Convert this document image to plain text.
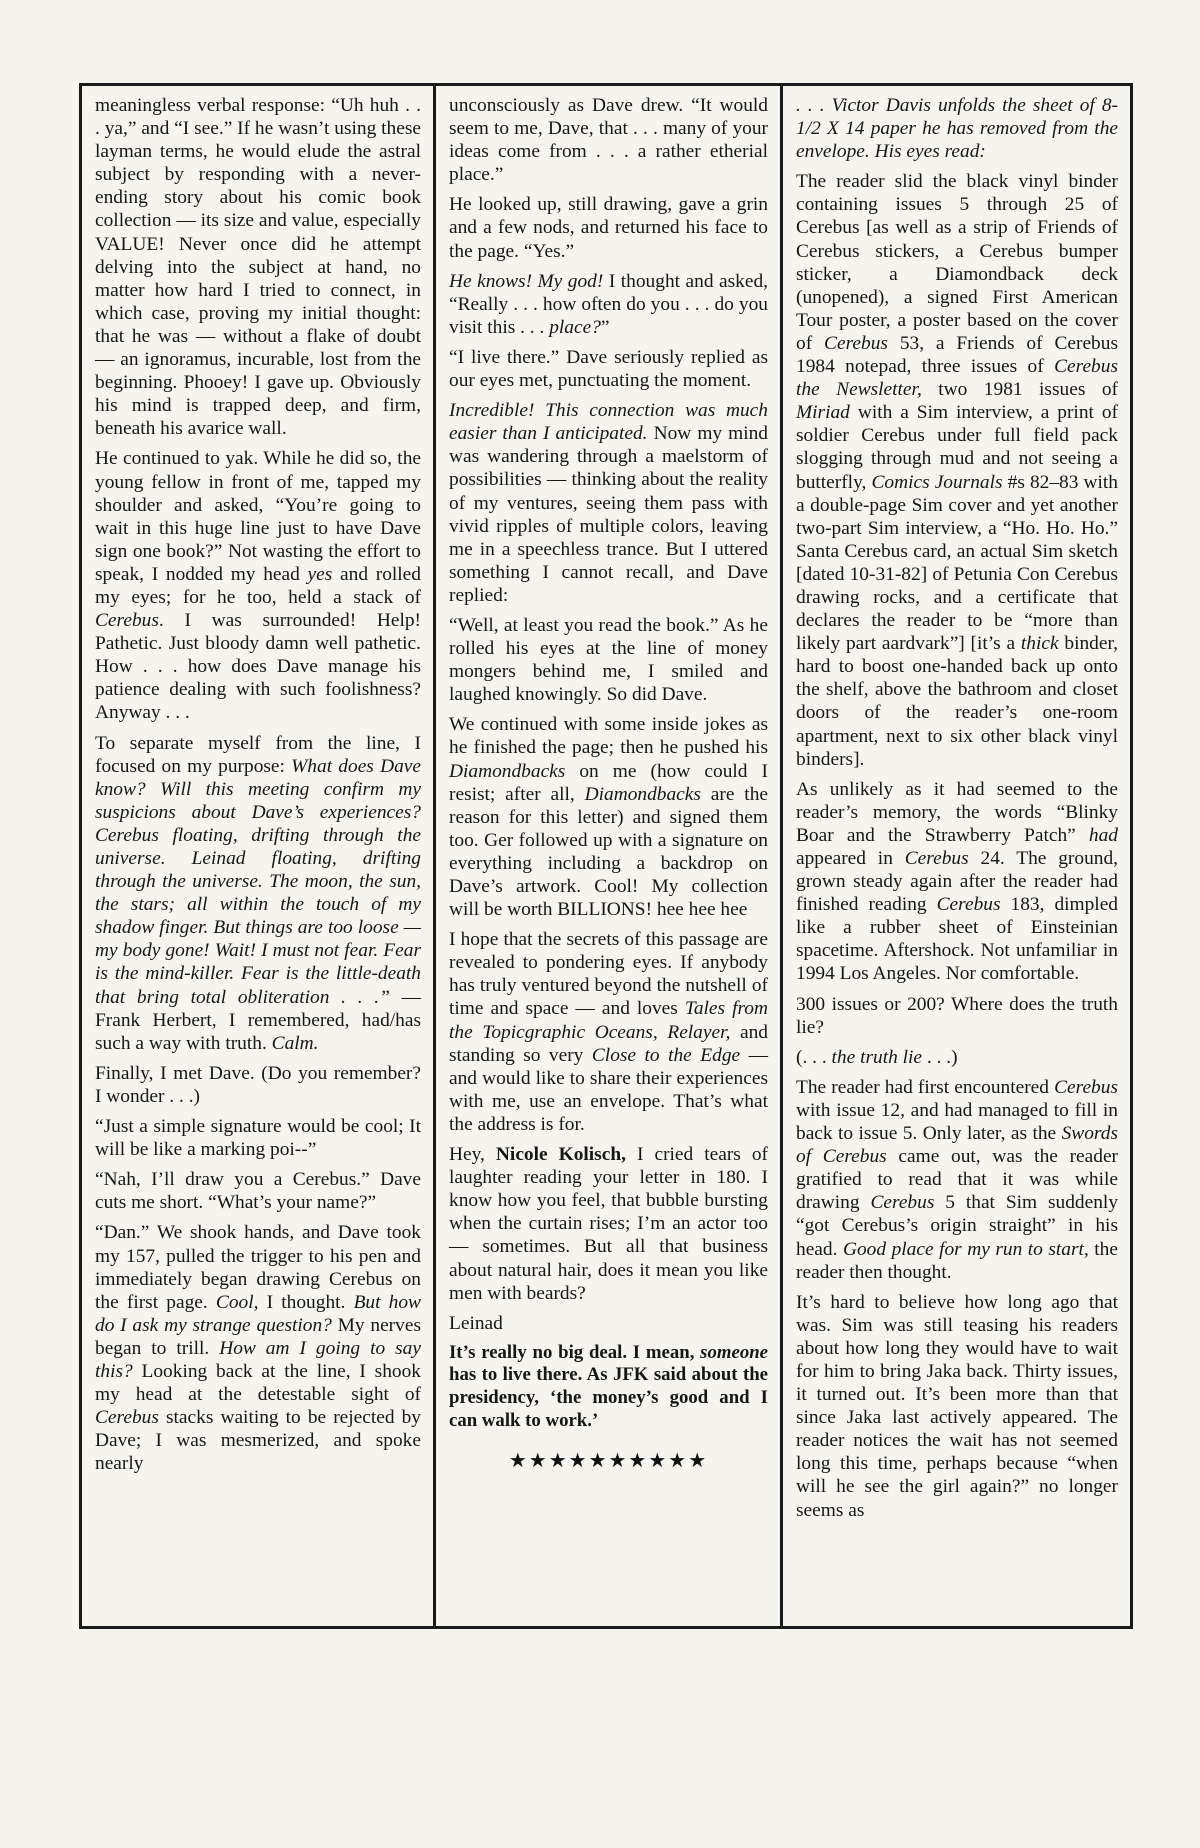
meaningless verbal response: “Uh huh . . . ya,” and “I see.” If he wasn’t using these layman terms, he would elude the astral subject by responding with a never-ending story about his comic book collection — its size and value, especially VALUE! Never once did he attempt delving into the subject at hand, no matter how hard I tried to connect, in which case, proving my initial thought: that he was — without a flake of doubt — an ignoramus, incurable, lost from the beginning. Phooey! I gave up. Obviously his mind is trapped deep, and firm, beneath his avarice wall.

He continued to yak. While he did so, the young fellow in front of me, tapped my shoulder and asked, “You’re going to wait in this huge line just to have Dave sign one book?” Not wasting the effort to speak, I nodded my head yes and rolled my eyes; for he too, held a stack of Cerebus. I was surrounded! Help! Pathetic. Just bloody damn well pathetic. How . . . how does Dave manage his patience dealing with such foolishness? Anyway . . .

To separate myself from the line, I focused on my purpose: What does Dave know? Will this meeting confirm my suspicions about Dave’s experiences? Cerebus floating, drifting through the universe. Leinad floating, drifting through the universe. The moon, the sun, the stars; all within the touch of my shadow finger. But things are too loose — my body gone! Wait! I must not fear. Fear is the mind-killer. Fear is the little-death that bring total obliteration . . .” — Frank Herbert, I remembered, had/has such a way with truth. Calm.

Finally, I met Dave. (Do you remember? I wonder . . .)

“Just a simple signature would be cool; It will be like a marking poi--”

“Nah, I’ll draw you a Cerebus.” Dave cuts me short. “What’s your name?”

“Dan.” We shook hands, and Dave took my 157, pulled the trigger to his pen and immediately began drawing Cerebus on the first page. Cool, I thought. But how do I ask my strange question? My nerves began to trill. How am I going to say this? Looking back at the line, I shook my head at the detestable sight of Cerebus stacks waiting to be rejected by Dave; I was mesmerized, and spoke nearly

unconsciously as Dave drew. “It would seem to me, Dave, that . . . many of your ideas come from . . . a rather etherial place.”

He looked up, still drawing, gave a grin and a few nods, and returned his face to the page. “Yes.”

He knows! My god! I thought and asked, “Really . . . how often do you . . . do you visit this . . . place?”

“I live there.” Dave seriously replied as our eyes met, punctuating the moment.

Incredible! This connection was much easier than I anticipated. Now my mind was wandering through a maelstorm of possibilities — thinking about the reality of my ventures, seeing them pass with vivid ripples of multiple colors, leaving me in a speechless trance. But I uttered something I cannot recall, and Dave replied:

“Well, at least you read the book.” As he rolled his eyes at the line of money mongers behind me, I smiled and laughed knowingly. So did Dave.

We continued with some inside jokes as he finished the page; then he pushed his Diamondbacks on me (how could I resist; after all, Diamondbacks are the reason for this letter) and signed them too. Ger followed up with a signature on everything including a backdrop on Dave’s artwork. Cool! My collection will be worth BILLIONS! hee hee hee

I hope that the secrets of this passage are revealed to pondering eyes. If anybody has truly ventured beyond the nutshell of time and space — and loves Tales from the Topicgraphic Oceans, Relayer, and standing so very Close to the Edge — and would like to share their experiences with me, use an envelope. That’s what the address is for.

Hey, Nicole Kolisch, I cried tears of laughter reading your letter in 180. I know how you feel, that bubble bursting when the curtain rises; I’m an actor too — sometimes. But all that business about natural hair, does it mean you like men with beards?

Leinad

It’s really no big deal. I mean, someone has to live there. As JFK said about the presidency, ‘the money’s good and I can walk to work.’

★★★★★★★★★★

. . . Victor Davis unfolds the sheet of 8-1/2 X 14 paper he has removed from the envelope. His eyes read:

The reader slid the black vinyl binder containing issues 5 through 25 of Cerebus [as well as a strip of Friends of Cerebus stickers, a Cerebus bumper sticker, a Diamondback deck (unopened), a signed First American Tour poster, a poster based on the cover of Cerebus 53, a Friends of Cerebus 1984 notepad, three issues of Cerebus the Newsletter, two 1981 issues of Miriad with a Sim interview, a print of soldier Cerebus under full field pack slogging through mud and not seeing a butterfly, Comics Journals #s 82–83 with a double-page Sim cover and yet another two-part Sim interview, a “Ho. Ho. Ho.” Santa Cerebus card, an actual Sim sketch [dated 10-31-82] of Petunia Con Cerebus drawing rocks, and a certificate that declares the reader to be “more than likely part aardvark”] [it’s a thick binder, hard to boost one-handed back up onto the shelf, above the bathroom and closet doors of the reader’s one-room apartment, next to six other black vinyl binders].

As unlikely as it had seemed to the reader’s memory, the words “Blinky Boar and the Strawberry Patch” had appeared in Cerebus 24. The ground, grown steady again after the reader had finished reading Cerebus 183, dimpled like a rubber sheet of Einsteinian spacetime. Aftershock. Not unfamiliar in 1994 Los Angeles. Nor comfortable.

300 issues or 200? Where does the truth lie?

(. . . the truth lie . . .)

The reader had first encountered Cerebus with issue 12, and had managed to fill in back to issue 5. Only later, as the Swords of Cerebus came out, was the reader gratified to read that it was while drawing Cerebus 5 that Sim suddenly “got Cerebus’s origin straight” in his head. Good place for my run to start, the reader then thought.

It’s hard to believe how long ago that was. Sim was still teasing his readers about how long they would have to wait for him to bring Jaka back. Thirty issues, it turned out. It’s been more than that since Jaka last actively appeared. The reader notices the wait has not seemed long this time, perhaps because “when will he see the girl again?” no longer seems as
